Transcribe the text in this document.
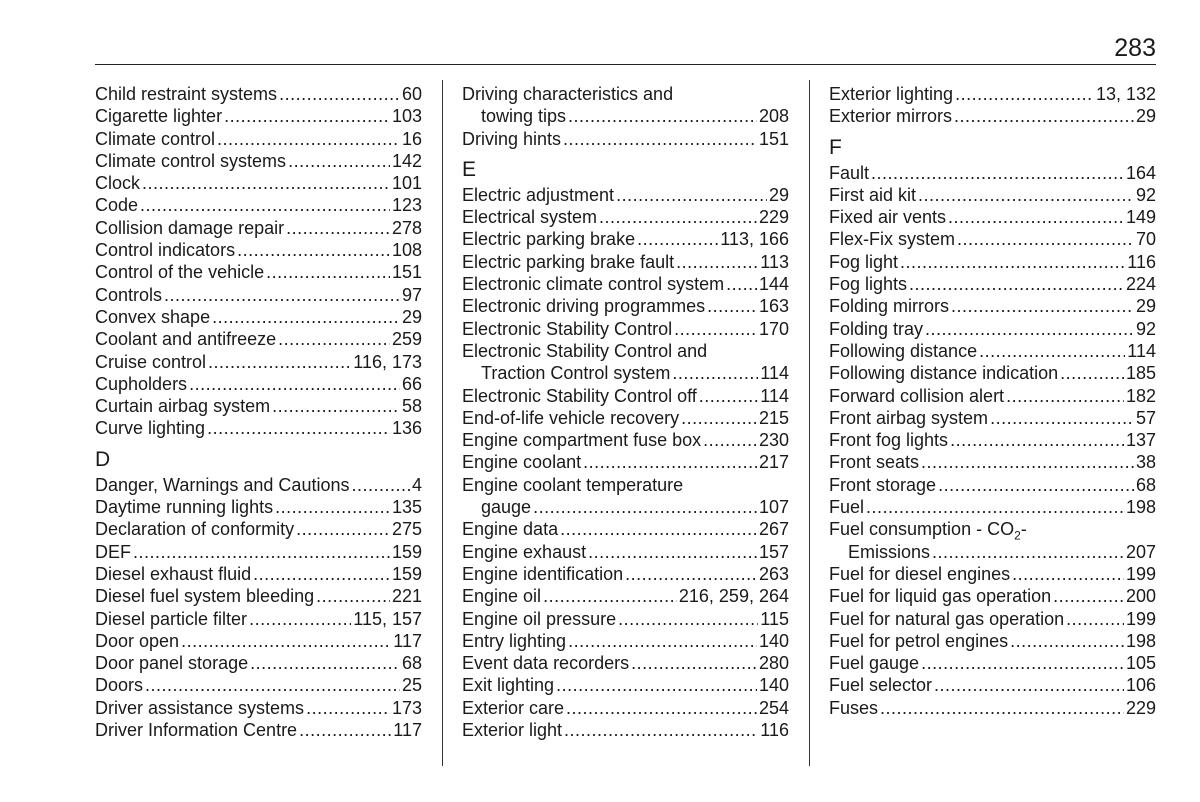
283
Child restraint systems .....	60
Cigarette lighter .....	103
Climate control .....	16
Climate control systems .....	142
Clock .....	101
Code .....	123
Collision damage repair .....	278
Control indicators .....	108
Control of the vehicle .....	151
Controls .....	97
Convex shape .....	29
Coolant and antifreeze .....	259
Cruise control .....	116, 173
Cupholders .....	66
Curtain airbag system .....	58
Curve lighting .....	136
D
Danger, Warnings and Cautions .....	4
Daytime running lights .....	135
Declaration of conformity .....	275
DEF .....	159
Diesel exhaust fluid .....	159
Diesel fuel system bleeding .....	221
Diesel particle filter .....	115, 157
Door open .....	117
Door panel storage .....	68
Doors .....	25
Driver assistance systems .....	173
Driver Information Centre .....	117
Driving characteristics and
towing tips .....	208
Driving hints .....	151
E
Electric adjustment .....	29
Electrical system .....	229
Electric parking brake .....	113, 166
Electric parking brake fault .....	113
Electronic climate control system ..... 144
Electronic driving programmes .....	163
Electronic Stability Control .....	170
Electronic Stability Control and
Traction Control system .....	114
Electronic Stability Control off .....	114
End-of-life vehicle recovery .....	215
Engine compartment fuse box .....	230
Engine coolant .....	217
Engine coolant temperature
gauge .....	107
Engine data .....	267
Engine exhaust .....	157
Engine identification .....	263
Engine oil .....	216, 259, 264
Engine oil pressure .....	115
Entry lighting .....	140
Event data recorders .....	280
Exit lighting .....	140
Exterior care .....	254
Exterior light .....	116
Exterior lighting .....	13, 132
Exterior mirrors .....	29
F
Fault .....	164
First aid kit .....	92
Fixed air vents .....	149
Flex-Fix system .....	70
Fog light .....	116
Fog lights .....	224
Folding mirrors .....	29
Folding tray .....	92
Following distance .....	114
Following distance indication .....	185
Forward collision alert .....	182
Front airbag system .....	57
Front fog lights .....	137
Front seats .....	38
Front storage .....	68
Fuel .....	198
Fuel consumption - $CO_2-$
Emissions .....	207
Fuel for diesel engines .....	199
Fuel for liquid gas operation .....	200
Fuel for natural gas operation .....	199
Fuel for petrol engines .....	198
Fuel gauge .....	105
Fuel selector .....	106
Fuses .....	229
